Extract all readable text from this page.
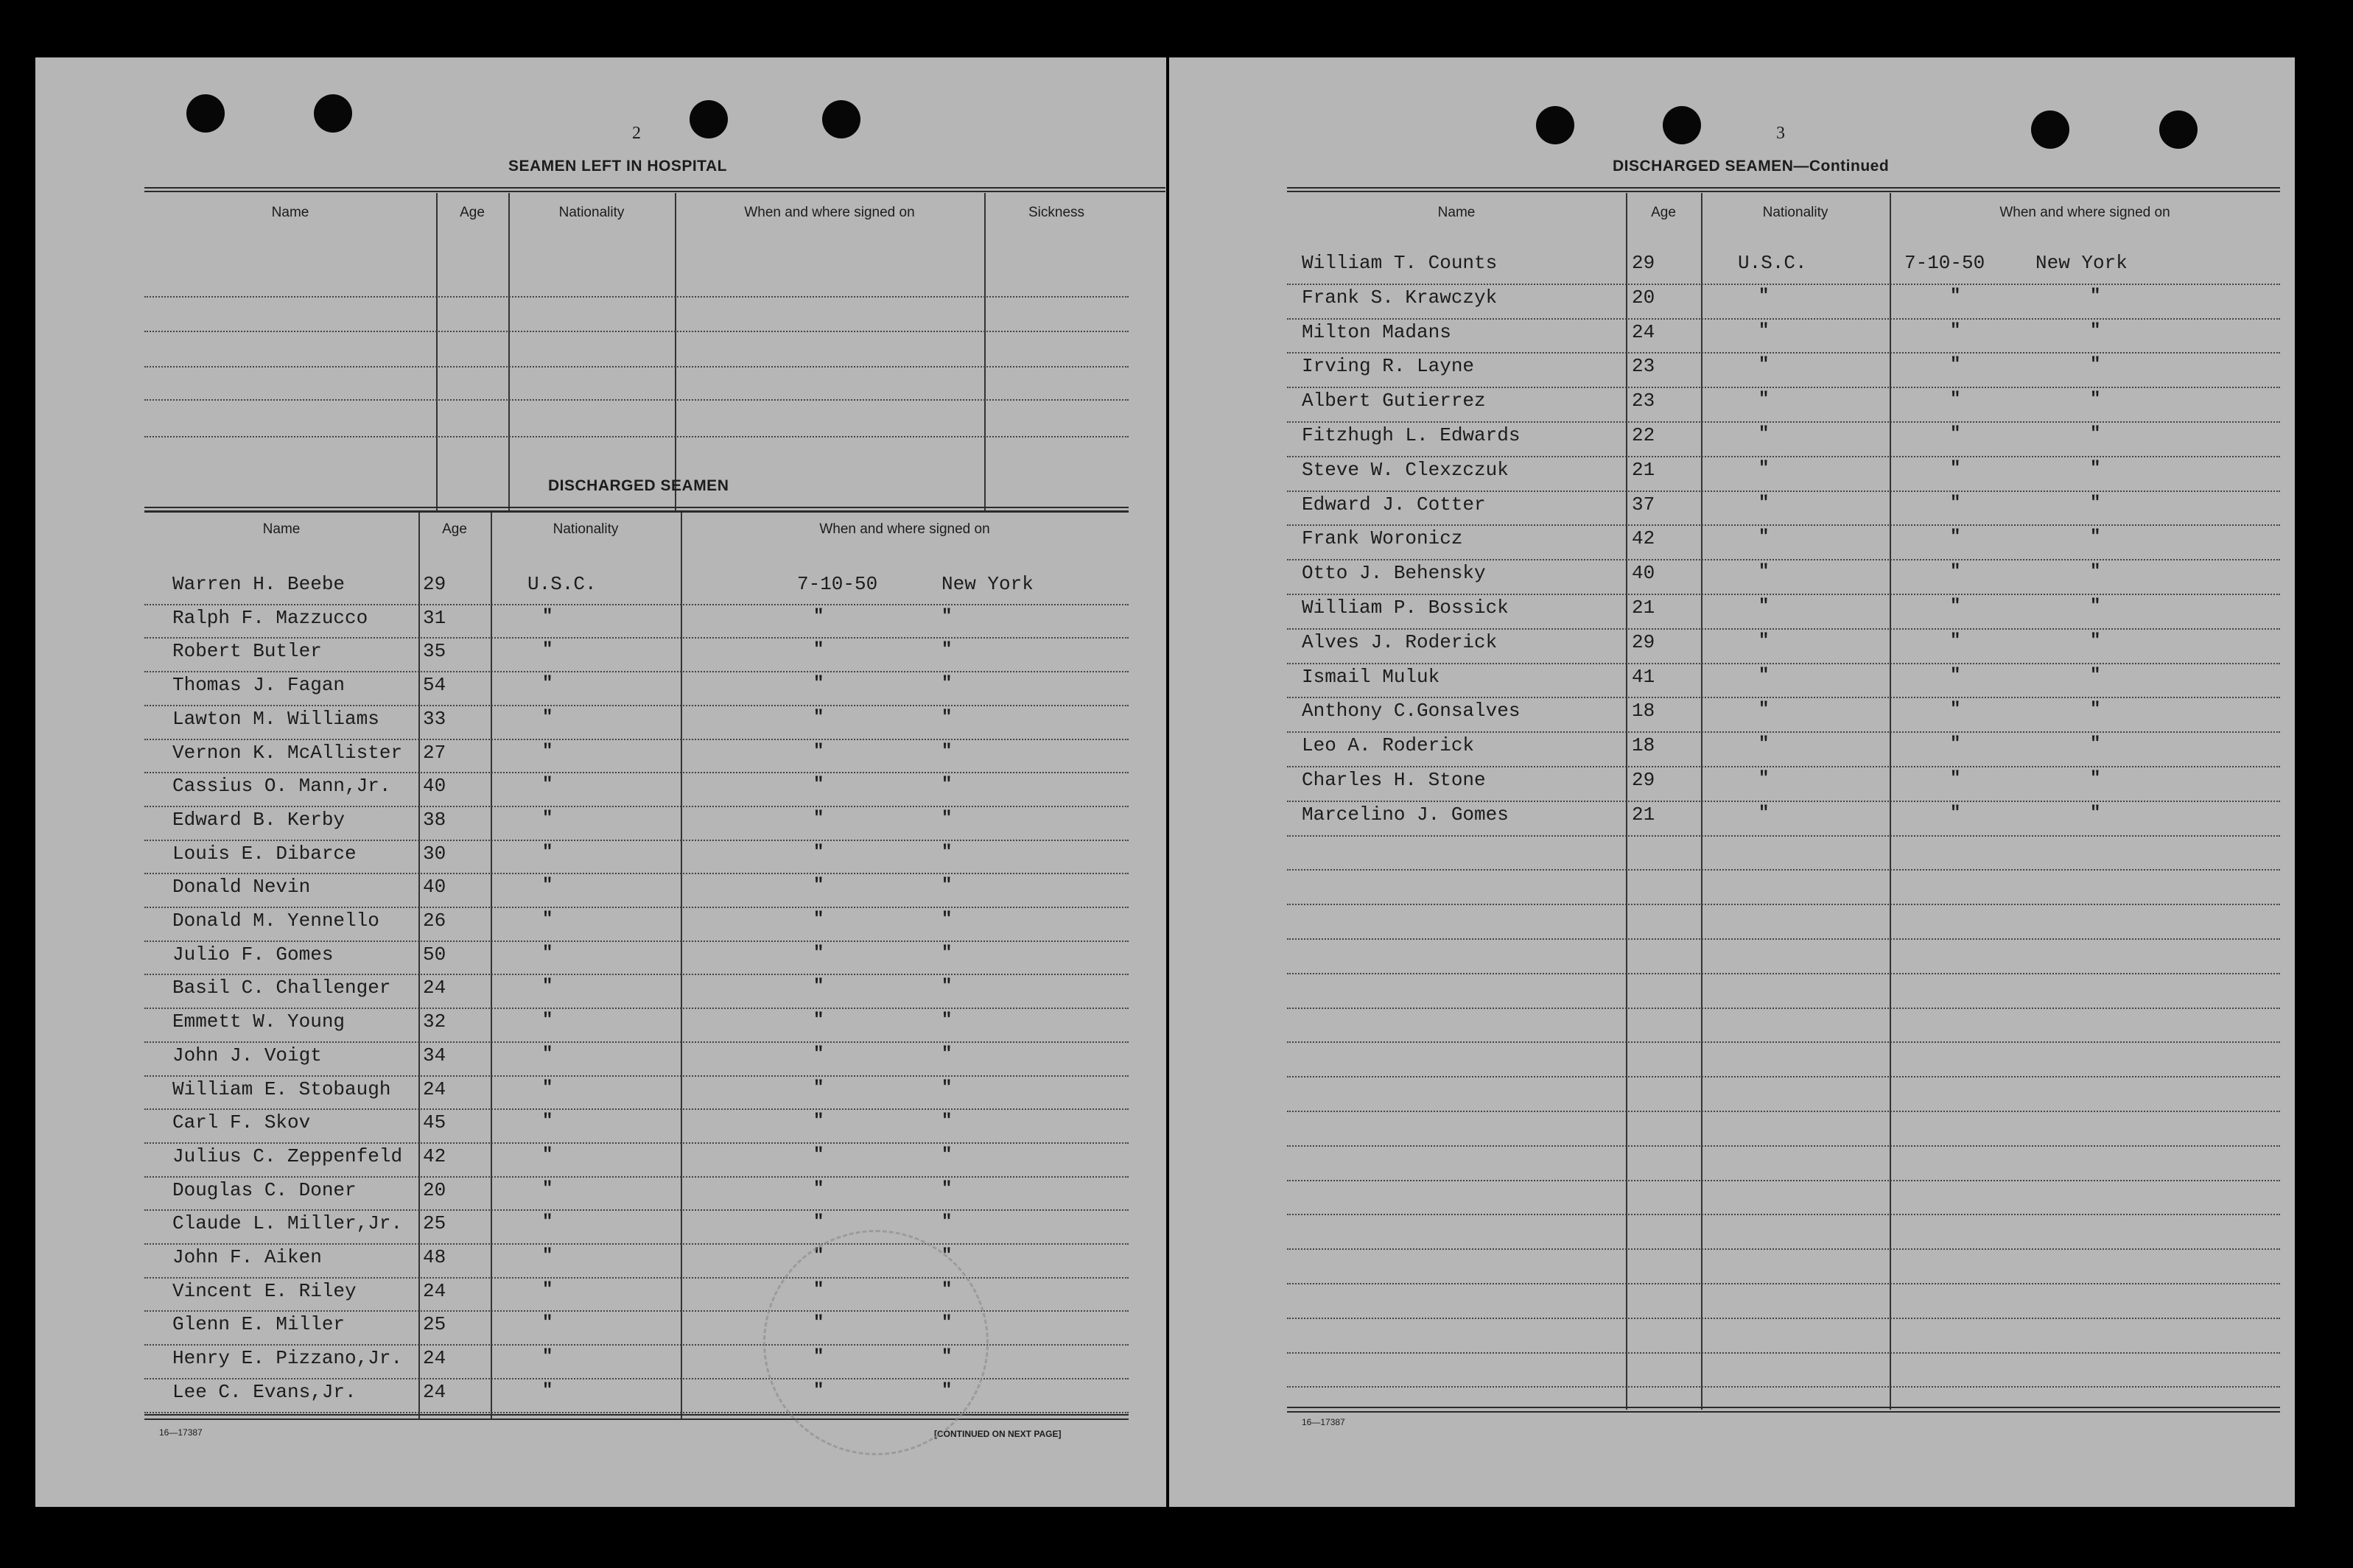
2
SEAMEN LEFT IN HOSPITAL
Name	Age	Nationality	When and where signed on	Sickness
DISCHARGED SEAMEN
Name	Age	Nationality	When and where signed on
Warren H. Beebe	29	U.S.C.	7-10-50	New York
Ralph F. Mazzucco	31	"	"	"
Robert Butler	35	"	"	"
Thomas J. Fagan	54	"	"	"
Lawton M. Williams 33	"	"	"
Vernon K. McAllister 27	"	"	"
Cassius O. Mann,Jr. 40	"	"	"
Edward B. Kerby	38	"	"	"
Louis E. Dibarce	30	"	"	"
Donald Nevin	40	"	"	"
Donald M. Yennello 26	"	"	"
Julio F. Gomes	50	"	"	"
Basil C. Challenger 24	"	"	"
Emmett W. Young	32	"	"	"
John J. Voigt	34	"	"	"
William E. Stobaugh 24	"	"	"
Carl F. Skov	45	"	"	"
Julius C. Zeppenfeld 42	"	"	"
Douglas C. Doner	20	"	"	"
Claude L. Miller,Jr. 25	"	"	"
John F. Aiken	48	"	"	"
Vincent E. Riley	24	"	"	"
Glenn E. Miller	25	"	"	"
Henry E. Pizzano,Jr. 24	"	"	"
Lee C. Evans,Jr.	24	"	"	"
16—17387	[CONTINUED ON NEXT PAGE]
3
DISCHARGED SEAMEN—Continued
Name	Age	Nationality	When and where signed on
William T. Counts	29	U.S.C.	7-10-50	New York
Frank S. Krawczyk	20	"	"	"
Milton Madans	24	"	"	"
Irving R. Layne	23	"	"	"
Albert Gutierrez	23	"	"	"
Fitzhugh L. Edwards	22	"	"	"
Steve W. Clexzczuk	21	"	"	"
Edward J. Cotter	37	"	"	"
Frank Woronicz	42	"	"	"
Otto J. Behensky	40	"	"	"
William P. Bossick	21	"	"	"
Alves J. Roderick	29	"	"	"
Ismail Muluk	41	"	"	"
Anthony C.Gonsalves	18	"	"	"
Leo A. Roderick	18	"	"	"
Charles H. Stone	29	"	"	"
Marcelino J. Gomes	21	"	"	"
16—17387
